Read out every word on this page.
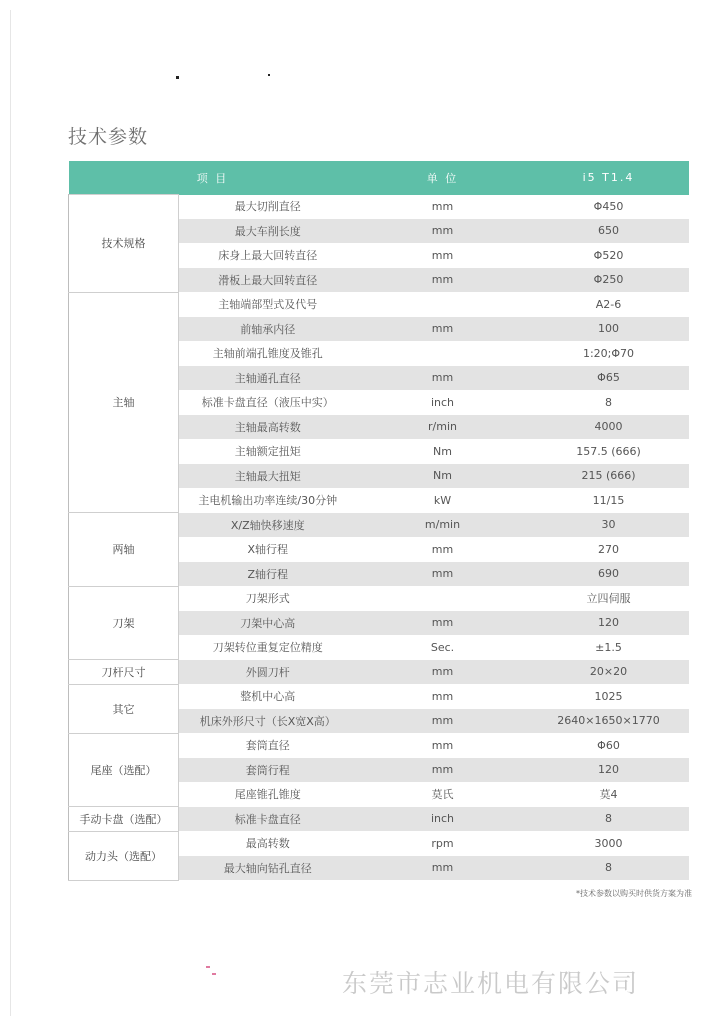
技术参数
项 目		单 位	i5 T1.4
技术规格	最大切削直径	mm	Φ450
	最大车削长度	mm	650
	床身上最大回转直径	mm	Φ520
	滑板上最大回转直径	mm	Φ250
主轴	主轴端部型式及代号		A2-6
	前轴承内径	mm	100
	主轴前端孔锥度及锥孔		1:20;Φ70
	主轴通孔直径	mm	Φ65
	标准卡盘直径（液压中实）	inch	8
	主轴最高转数	r/min	4000
	主轴额定扭矩	Nm	157.5 (666)
	主轴最大扭矩	Nm	215 (666)
	主电机输出功率连续/30分钟	kW	11/15
两轴	X/Z轴快移速度	m/min	30
	X轴行程	mm	270
	Z轴行程	mm	690
刀架	刀架形式		立四伺服
	刀架中心高	mm	120
	刀架转位重复定位精度	Sec.	±1.5
刀杆尺寸	外圆刀杆	mm	20×20
其它	整机中心高	mm	1025
	机床外形尺寸（长X宽X高）	mm	2640×1650×1770
尾座（选配）	套筒直径	mm	Φ60
	套筒行程	mm	120
	尾座锥孔锥度	莫氏	莫4
手动卡盘（选配）	标准卡盘直径	inch	8
动力头（选配）	最高转数	rpm	3000
	最大轴向钻孔直径	mm	8
*技术参数以购买时供货方案为准
东莞市志业机电有限公司
